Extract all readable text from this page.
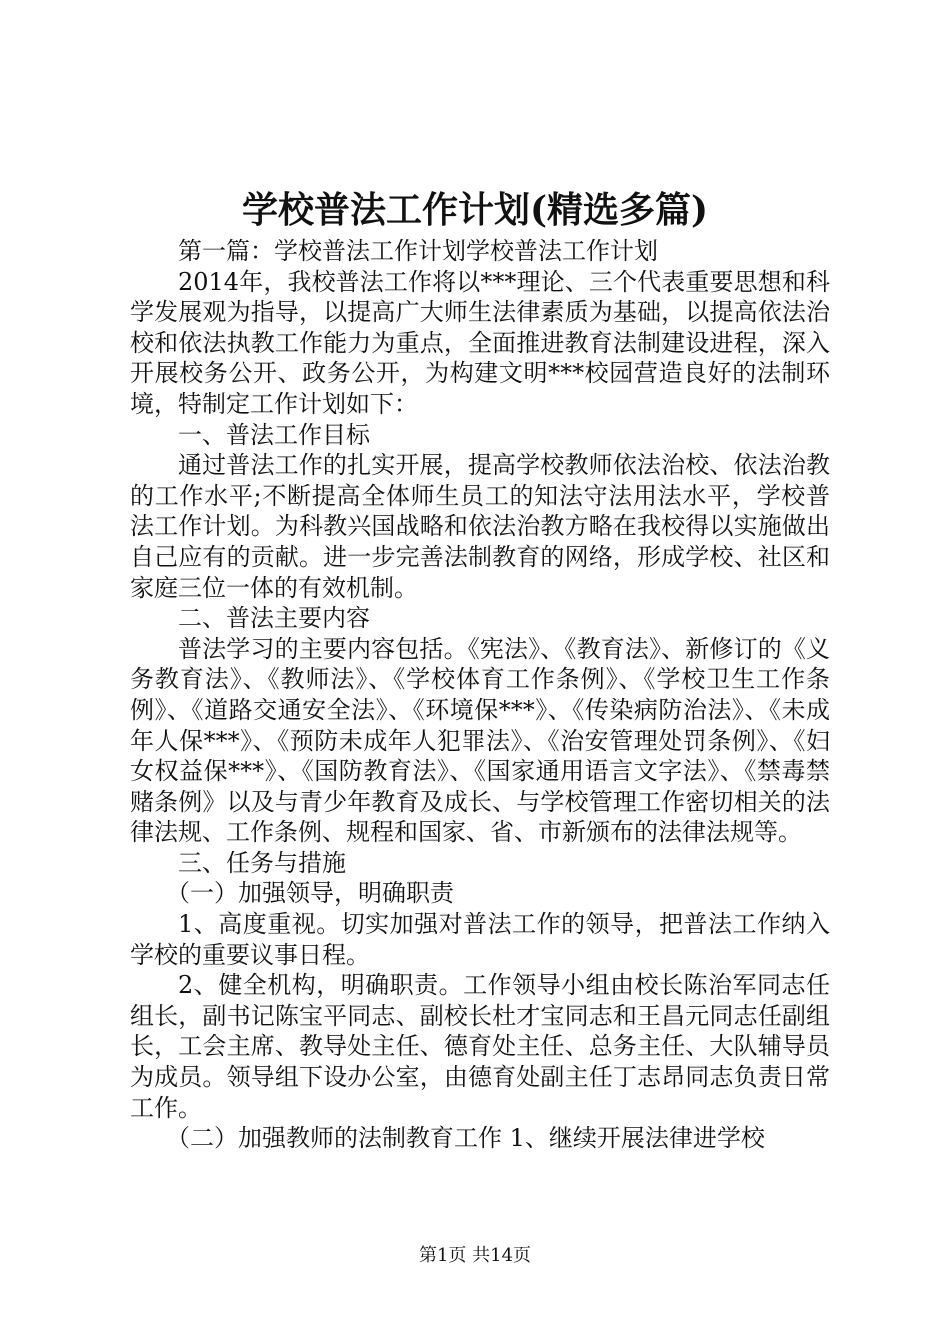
学校普法工作计划(精选多篇)

第一篇：学校普法工作计划学校普法工作计划

2014年，我校普法工作将以***理论、三个代表重要思想和科学发展观为指导，以提高广大师生法律素质为基础，以提高依法治校和依法执教工作能力为重点，全面推进教育法制建设进程，深入开展校务公开、政务公开，为构建文明***校园营造良好的法制环境，特制定工作计划如下：

一、普法工作目标

通过普法工作的扎实开展，提高学校教师依法治校、依法治教的工作水平;不断提高全体师生员工的知法守法用法水平，学校普法工作计划。为科教兴国战略和依法治教方略在我校得以实施做出自己应有的贡献。进一步完善法制教育的网络，形成学校、社区和家庭三位一体的有效机制。

二、普法主要内容

普法学习的主要内容包括。《宪法》、《教育法》、新修订的《义务教育法》、《教师法》、《学校体育工作条例》、《学校卫生工作条例》、《道路交通安全法》、《环境保***》、《传染病防治法》、《未成年人保***》、《预防未成年人犯罪法》、《治安管理处罚条例》、《妇女权益保***》、《国防教育法》、《国家通用语言文字法》、《禁毒禁赌条例》以及与青少年教育及成长、与学校管理工作密切相关的法律法规、工作条例、规程和国家、省、市新颁布的法律法规等。

三、任务与措施

（一）加强领导，明确职责

1、高度重视。切实加强对普法工作的领导，把普法工作纳入学校的重要议事日程。

2、健全机构，明确职责。工作领导小组由校长陈治军同志任组长，副书记陈宝平同志、副校长杜才宝同志和王昌元同志任副组长，工会主席、教导处主任、德育处主任、总务主任、大队辅导员为成员。领导组下设办公室，由德育处副主任丁志昂同志负责日常工作。

（二）加强教师的法制教育工作 1、继续开展法律进学校

第1页 共14页
